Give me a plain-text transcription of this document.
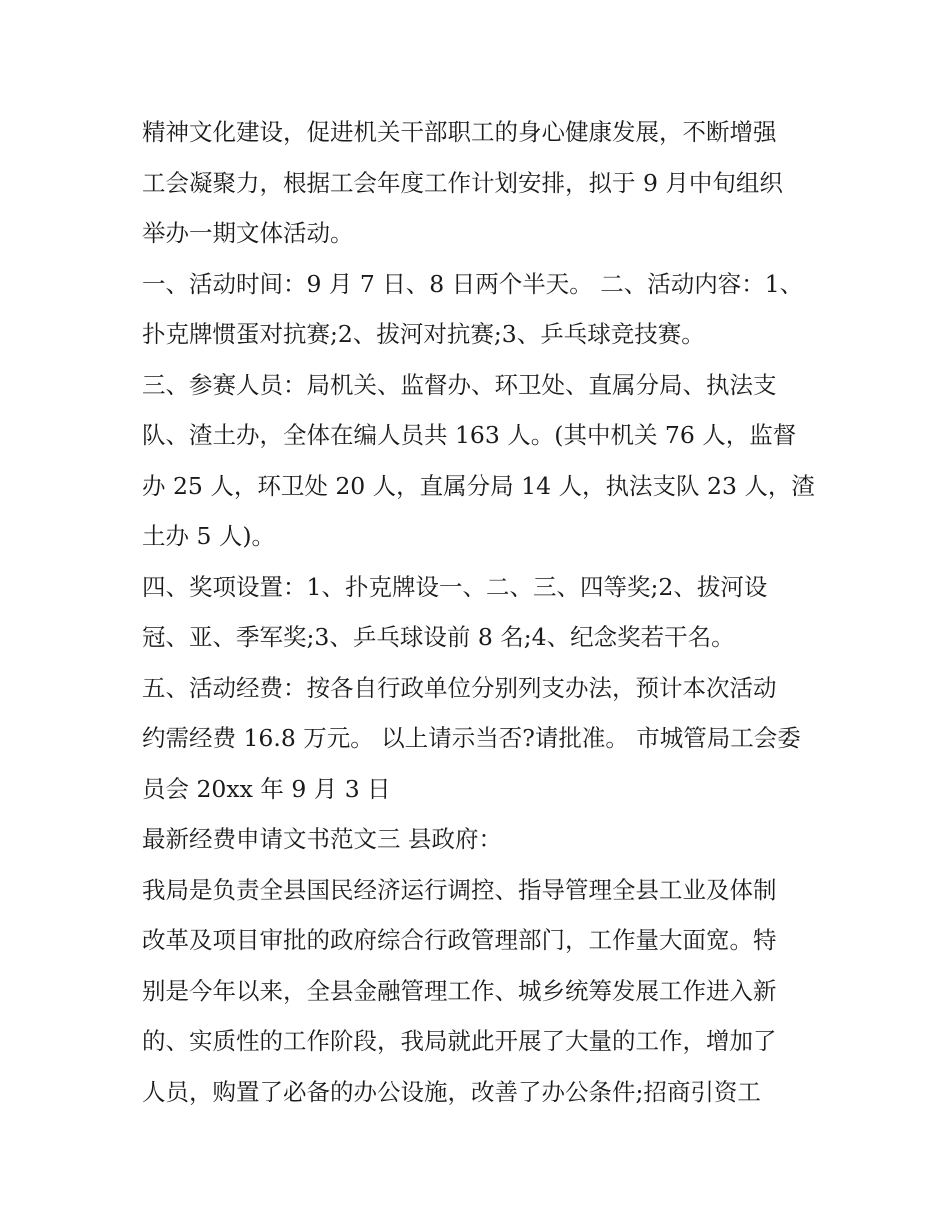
精神文化建设，促进机关干部职工的身心健康发展，不断增强
工会凝聚力，根据工会年度工作计划安排，拟于 9 月中旬组织
举办一期文体活动。
一、活动时间：9 月 7 日、8 日两个半天。 二、活动内容：1、
扑克牌惯蛋对抗赛;2、拔河对抗赛;3、乒乓球竞技赛。
三、参赛人员：局机关、监督办、环卫处、直属分局、执法支
队、渣土办，全体在编人员共 163 人。(其中机关 76 人，监督
办 25 人，环卫处 20 人，直属分局 14 人，执法支队 23 人，渣
土办 5 人)。
四、奖项设置：1、扑克牌设一、二、三、四等奖;2、拔河设
冠、亚、季军奖;3、乒乓球设前 8 名;4、纪念奖若干名。
五、活动经费：按各自行政单位分别列支办法，预计本次活动
约需经费 16.8 万元。 以上请示当否?请批准。 市城管局工会委
员会 20xx 年 9 月 3 日
最新经费申请文书范文三 县政府：
我局是负责全县国民经济运行调控、指导管理全县工业及体制
改革及项目审批的政府综合行政管理部门，工作量大面宽。特
别是今年以来，全县金融管理工作、城乡统筹发展工作进入新
的、实质性的工作阶段，我局就此开展了大量的工作，增加了
人员，购置了必备的办公设施，改善了办公条件;招商引资工
